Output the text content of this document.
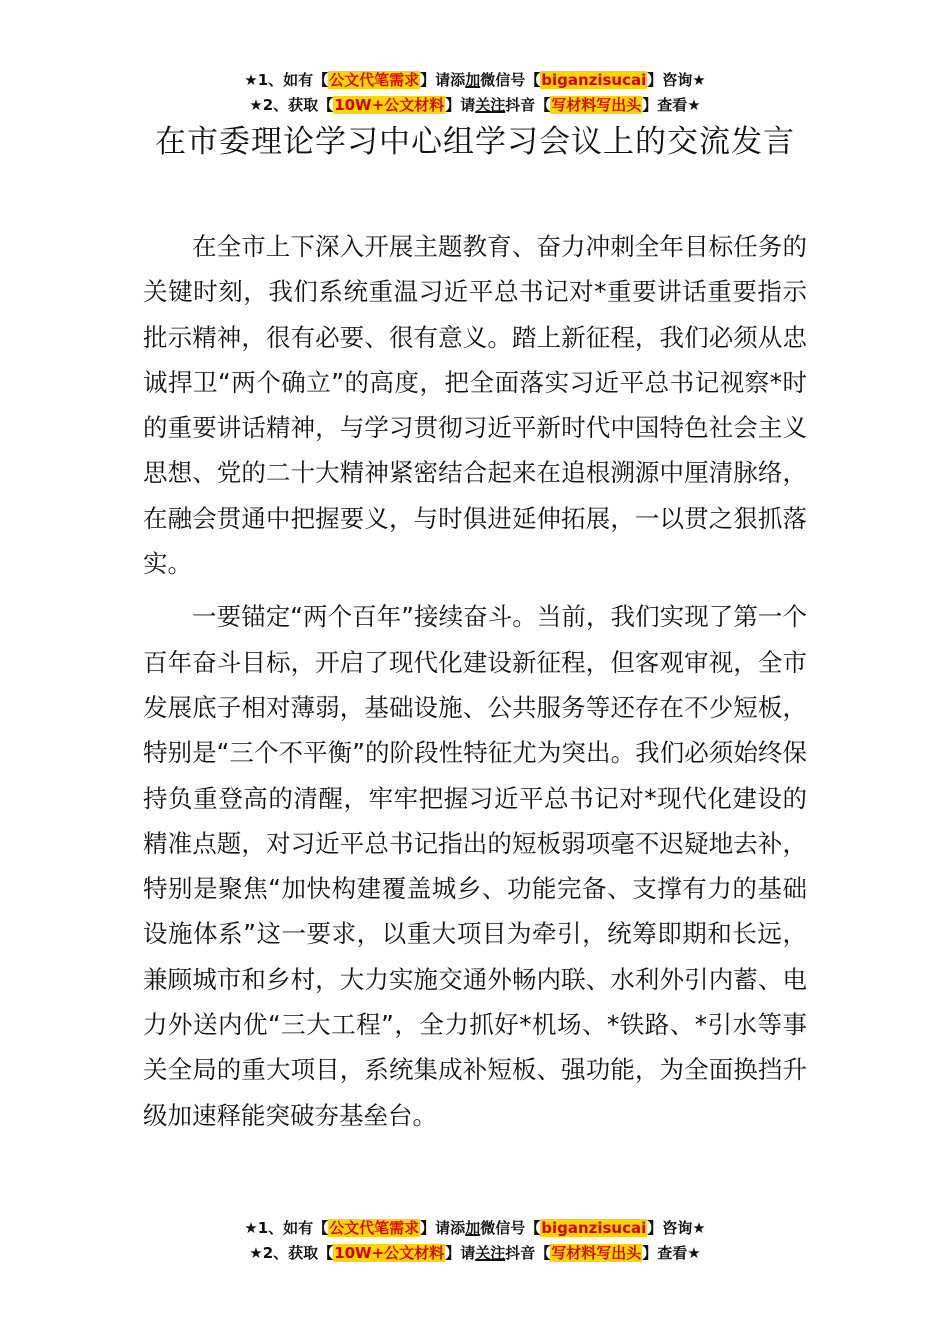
★1、如有【公文代笔需求】请添加微信号【biganzisucai】咨询★
★2、获取【10W+公文材料】请关注抖音【写材料写出头】查看★
在市委理论学习中心组学习会议上的交流发言

在全市上下深入开展主题教育、奋力冲刺全年目标任务的关键时刻，我们系统重温习近平总书记对*重要讲话重要指示批示精神，很有必要、很有意义。踏上新征程，我们必须从忠诚捍卫“两个确立”的高度，把全面落实习近平总书记视察*时的重要讲话精神，与学习贯彻习近平新时代中国特色社会主义思想、党的二十大精神紧密结合起来在追根溯源中厘清脉络，在融会贯通中把握要义，与时俱进延伸拓展，一以贯之狠抓落实。

一要锚定“两个百年”接续奋斗。当前，我们实现了第一个百年奋斗目标，开启了现代化建设新征程，但客观审视，全市发展底子相对薄弱，基础设施、公共服务等还存在不少短板，特别是“三个不平衡”的阶段性特征尤为突出。我们必须始终保持负重登高的清醒，牢牢把握习近平总书记对*现代化建设的精准点题，对习近平总书记指出的短板弱项毫不迟疑地去补，特别是聚焦“加快构建覆盖城乡、功能完备、支撑有力的基础设施体系”这一要求，以重大项目为牵引，统筹即期和长远，兼顾城市和乡村，大力实施交通外畅内联、水利外引内蓄、电力外送内优“三大工程”，全力抓好*机场、*铁路、*引水等事关全局的重大项目，系统集成补短板、强功能，为全面换挡升级加速释能突破夯基垒台。

★1、如有【公文代笔需求】请添加微信号【biganzisucai】咨询★
★2、获取【10W+公文材料】请关注抖音【写材料写出头】查看★
